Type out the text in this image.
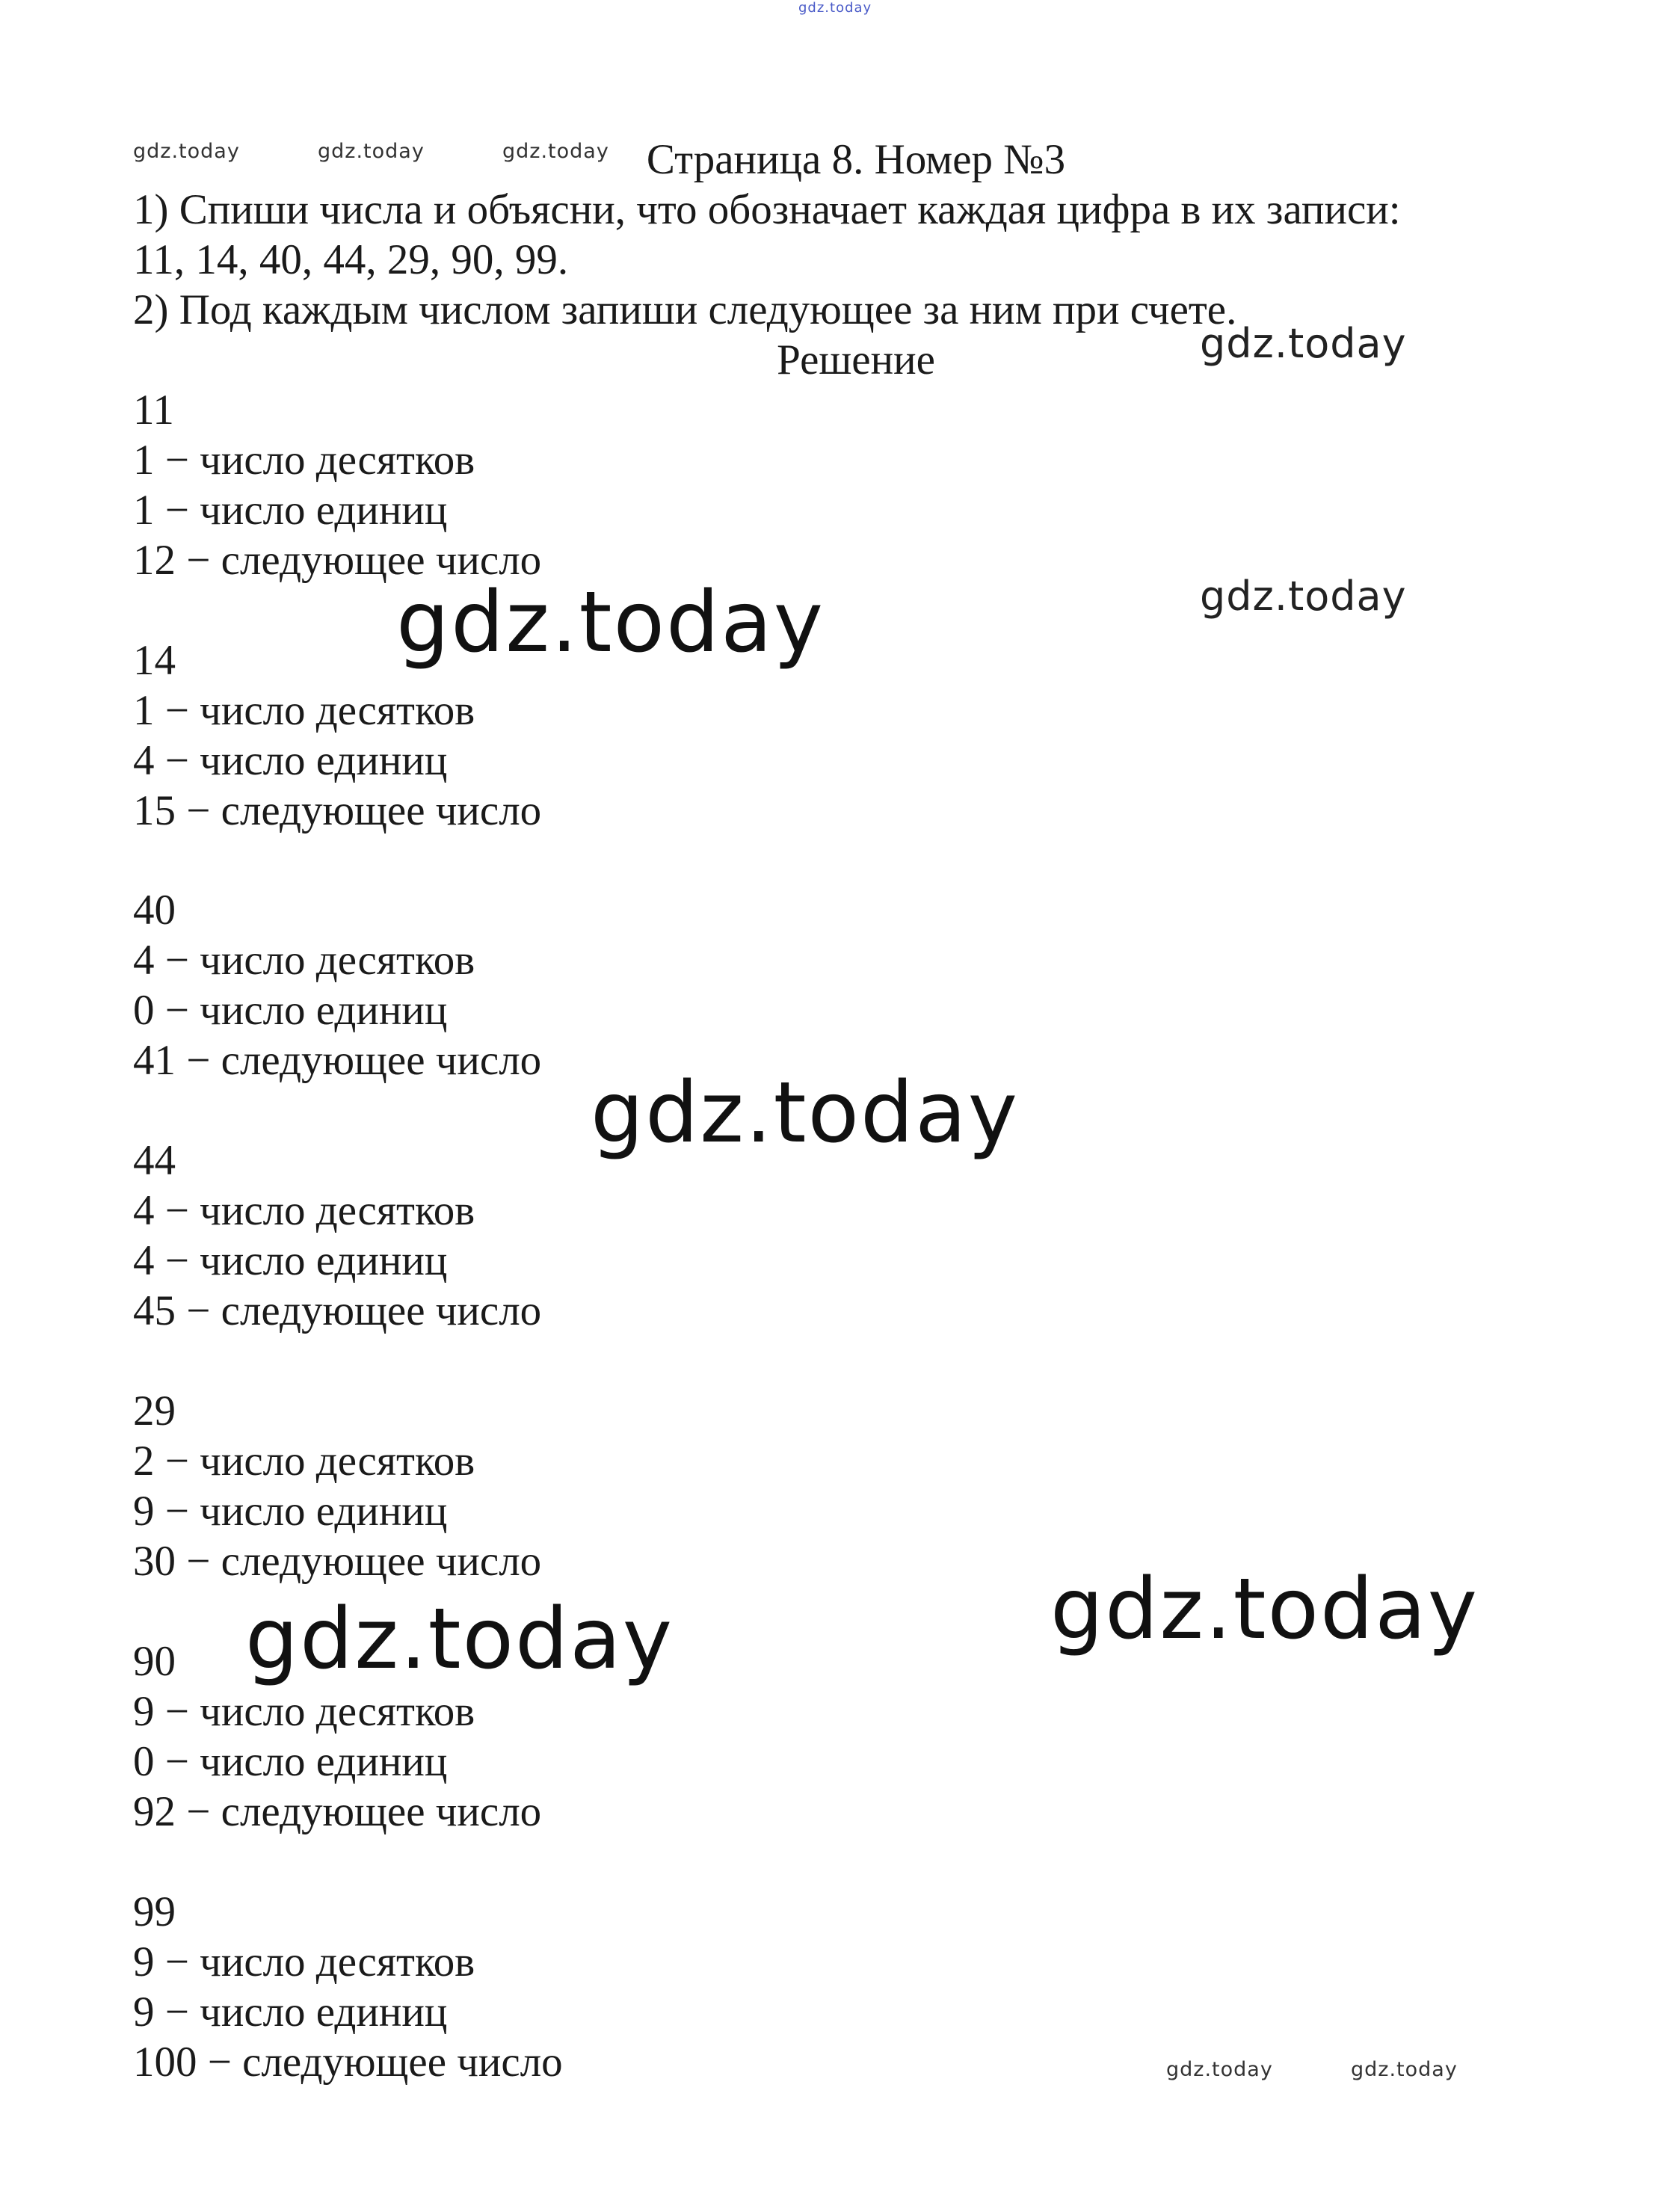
gdz.today
gdz.today	gdz.today	gdz.today
gdz.today
gdz.today
gdz.today
gdz.today
gdz.today
gdz.today
gdz.today	gdz.today
Страница 8. Номер №3
1) Спиши числа и объясни, что обозначает каждая цифра в их записи:
11, 14, 40, 44, 29, 90, 99.
2) Под каждым числом запиши следующее за ним при счете.
Решение
11
1 − число десятков
1 − число единиц
12 − следующее число
14
1 − число десятков
4 − число единиц
15 − следующее число
40
4 − число десятков
0 − число единиц
41 − следующее число
44
4 − число десятков
4 − число единиц
45 − следующее число
29
2 − число десятков
9 − число единиц
30 − следующее число
90
9 − число десятков
0 − число единиц
92 − следующее число
99
9 − число десятков
9 − число единиц
100 − следующее число
